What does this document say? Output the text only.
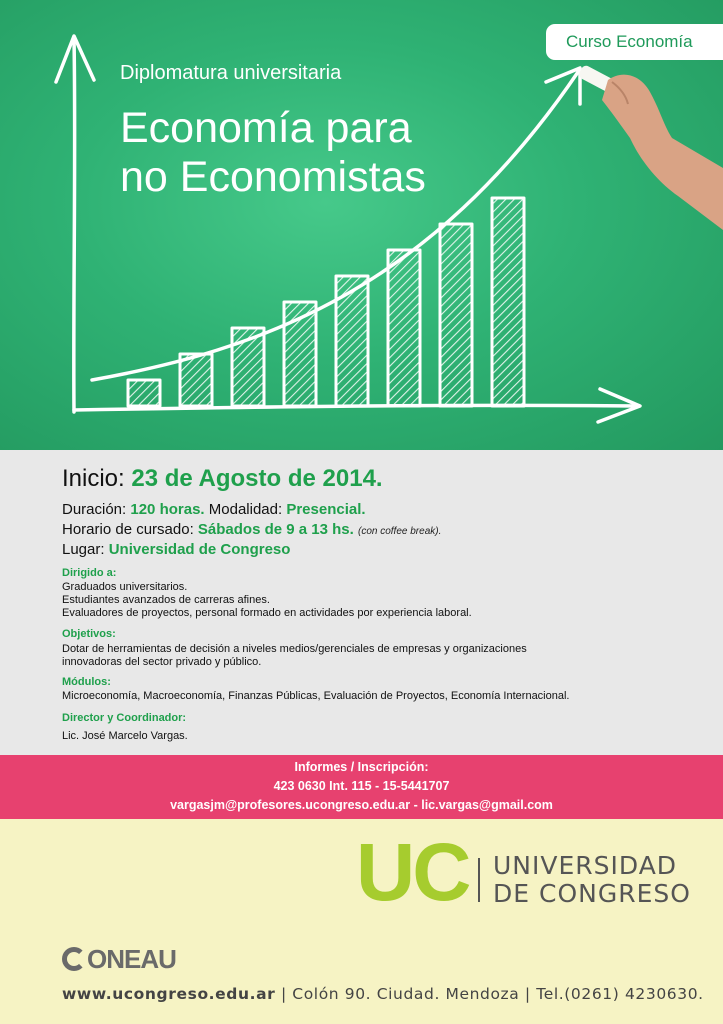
Curso Economía
Diplomatura universitaria
Economía para
no Economistas
Inicio: 23 de Agosto de 2014.
Duración: 120 horas. Modalidad: Presencial.
Horario de cursado: Sábados de 9 a 13 hs. (con coffee break).
Lugar: Universidad de Congreso
Dirigido a:
Graduados universitarios.
Estudiantes avanzados de carreras afines.
Evaluadores de proyectos, personal formado en actividades por experiencia laboral.
Objetivos:
Dotar de herramientas de decisión a niveles medios/gerenciales de empresas y organizaciones
innovadoras del sector privado y público.
Módulos:
Microeconomía, Macroeconomía, Finanzas Públicas, Evaluación de Proyectos, Economía Internacional.
Director y Coordinador:
Lic. José Marcelo Vargas.
Informes / Inscripción:
423 0630 Int. 115 - 15-5441707
vargasjm@profesores.ucongreso.edu.ar - lic.vargas@gmail.com
UC UNIVERSIDAD
DE CONGRESO
ONEAU
www.ucongreso.edu.ar | Colón 90. Ciudad. Mendoza | Tel.(0261) 4230630.
